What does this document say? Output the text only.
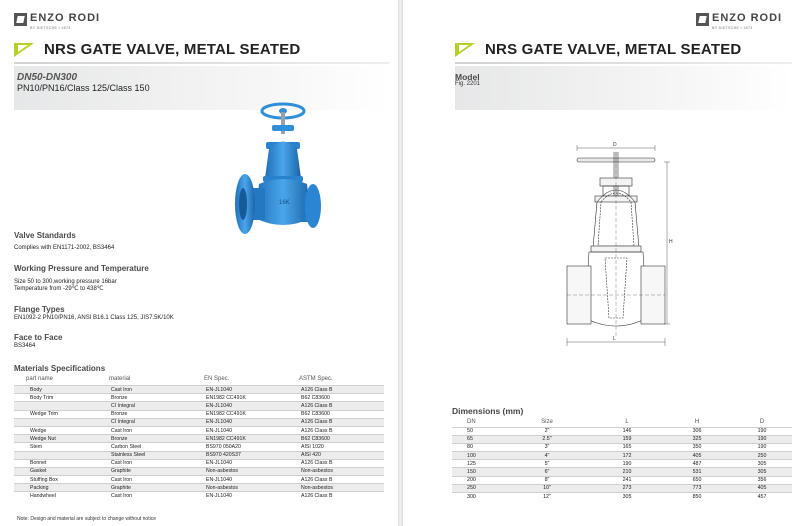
ENZO RODI
BY DIETSCHE ▪ 1873
NRS GATE VALVE, METAL SEATED
DN50-DN300
PN10/PN16/Class 125/Class 150
16K
Valve Standards
Complies with EN1171-2002, BS3464
Working Pressure and Temperature
Size 50 to 300,working pressure 16bar
Temperature from -29℃ to 438℃
Flange Types
EN1092-2 PN10/PN16, ANSI B16.1 Class 125, JIS7.5K/10K
Face to Face
BS3464
Materials Specifications
part name	material	EN Spec.	ASTM Spec.
Body	Cast Iron	EN-JL1040	A126 Class B
Body Trim	Bronze	EN1982 CC491K	B62 C83600
	CI Integral	EN-JL1040	A126 Class B
Wedge Trim	Bronze	EN1982 CC491K	B62 C83600
	CI Integral	EN-JL1040	A126 Class B
Wedge	Cast Iron	EN-JL1040	A126 Class B
Wedge Nut	Bronze	EN1982 CC491K	B62 C83600
Stem	Carbon Steel	BS970 050A20	AISI 1020
	Stainless Steel	BS970 420S37	AISI 420
Bonnet	Cast Iron	EN-JL1040	A126 Class B
Gasket	Graphite	Non-asbestos	Non-asbestos
Stuffing Box	Cast Iron	EN-JL1040	A126 Class B
Packing	Graphite	Non-asbestos	Non-asbestos
Handwheel	Cast Iron	EN-JL1040	A126 Class B
Note: Design and material are subject to change without notice
ENZO RODI
BY DIETSCHE ▪ 1873
NRS GATE VALVE, METAL SEATED
Model
Fig. 2201
D
H
L
Dimensions (mm)
DN	Size	L	H	D
50	2"	146	306	190
65	2.5"	159	325	190
80	3"	165	350	190
100	4"	172	405	250
125	5"	190	487	305
150	6"	210	531	305
200	8"	241	650	356
250	10"	273	773	405
300	12"	305	850	457
